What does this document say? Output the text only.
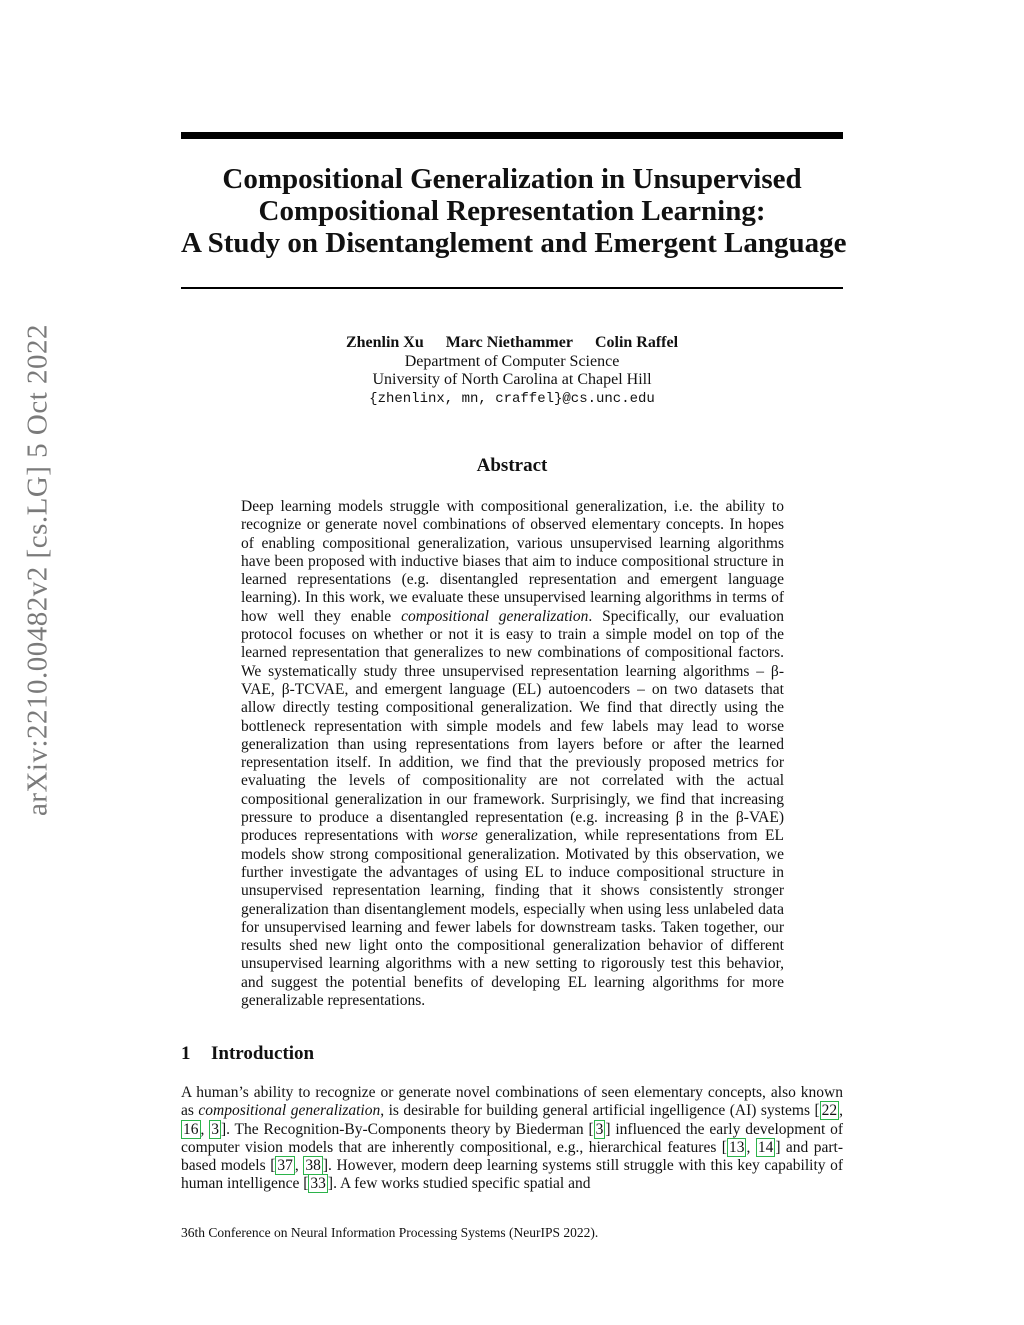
arXiv:2210.00482v2 [cs.LG] 5 Oct 2022
Compositional Generalization in Unsupervised
Compositional Representation Learning:
A Study on Disentanglement and Emergent Language
Zhenlin Xu Marc Niethammer Colin Raffel
Department of Computer Science
University of North Carolina at Chapel Hill
{zhenlinx, mn, craffel}@cs.unc.edu
Abstract
Deep learning models struggle with compositional generalization, i.e. the ability to recognize or generate novel combinations of observed elementary concepts. In hopes of enabling compositional generalization, various unsupervised learning algorithms have been proposed with inductive biases that aim to induce compositional structure in learned representations (e.g. disentangled representation and emergent language learning). In this work, we evaluate these unsupervised learning algorithms in terms of how well they enable compositional generalization. Specifically, our evaluation protocol focuses on whether or not it is easy to train a simple model on top of the learned representation that generalizes to new combinations of compositional factors. We systematically study three unsupervised representation learning algorithms – β-VAE, β-TCVAE, and emergent language (EL) autoencoders – on two datasets that allow directly testing compositional generalization. We find that directly using the bottleneck representation with simple models and few labels may lead to worse generalization than using representations from layers before or after the learned representation itself. In addition, we find that the previously proposed metrics for evaluating the levels of compositionality are not correlated with the actual compositional generalization in our framework. Surprisingly, we find that increasing pressure to produce a disentangled representation (e.g. increasing β in the β-VAE) produces representations with worse generalization, while representations from EL models show strong compositional generalization. Motivated by this observation, we further investigate the advantages of using EL to induce compositional structure in unsupervised representation learning, finding that it shows consistently stronger generalization than disentanglement models, especially when using less unlabeled data for unsupervised learning and fewer labels for downstream tasks. Taken together, our results shed new light onto the compositional generalization behavior of different unsupervised learning algorithms with a new setting to rigorously test this behavior, and suggest the potential benefits of developing EL learning algorithms for more generalizable representations.
1 Introduction
A human’s ability to recognize or generate novel combinations of seen elementary concepts, also known as compositional generalization, is desirable for building general artificial ingelligence (AI) systems [ 22 , 16 , 3 ]. The Recognition-By-Components theory by Biederman [ 3 ] influenced the early development of computer vision models that are inherently compositional, e.g., hierarchical features [ 13 , 14 ] and part-based models [ 37 , 38 ]. However, modern deep learning systems still struggle with this key capability of human intelligence [ 33 ]. A few works studied specific spatial and
36th Conference on Neural Information Processing Systems (NeurIPS 2022).
